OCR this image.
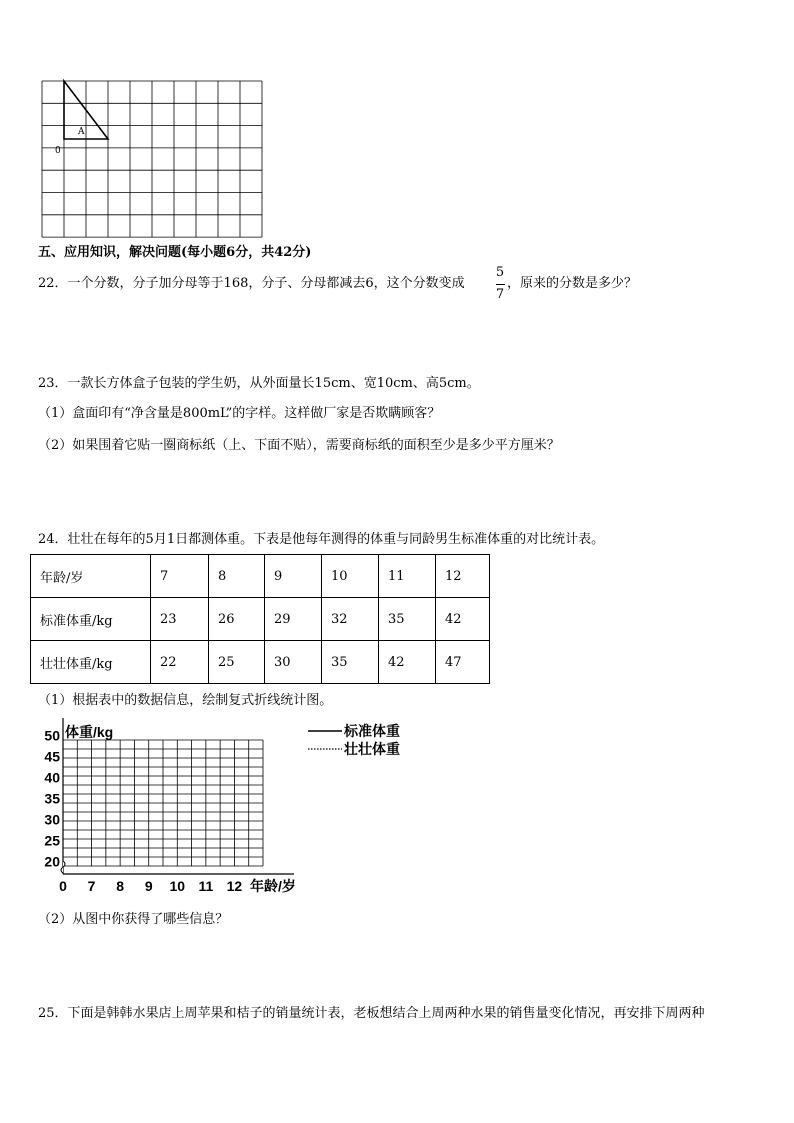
A
0
五、应用知识，解决问题(每小题6分，共42分)
22．一个分数，分子加分母等于168，分子、分母都减去6，这个分数变成
5
7
，原来的分数是多少？
23．一款长方体盒子包装的学生奶，从外面量长15cm、宽10cm、高5cm。
（1）盒面印有“净含量是800mL”的字样。这样做厂家是否欺瞒顾客？
（2）如果围着它贴一圈商标纸（上、下面不贴），需要商标纸的面积至少是多少平方厘米？
24．壮壮在每年的5月1日都测体重。下表是他每年测得的体重与同龄男生标准体重的对比统计表。
年龄/岁	7	8	9	10	11	12
标准体重/kg	23	26	29	32	35	42
壮壮体重/kg	22	25	30	35	42	47
（1）根据表中的数据信息，绘制复式折线统计图。
体重/kg
年龄/岁
50
45
40
35
30
25
20
0 7 8 9 10 11 12
标准体重
壮壮体重
（2）从图中你获得了哪些信息？
25．下面是韩韩水果店上周苹果和桔子的销量统计表，老板想结合上周两种水果的销售量变化情况，再安排下周两种
